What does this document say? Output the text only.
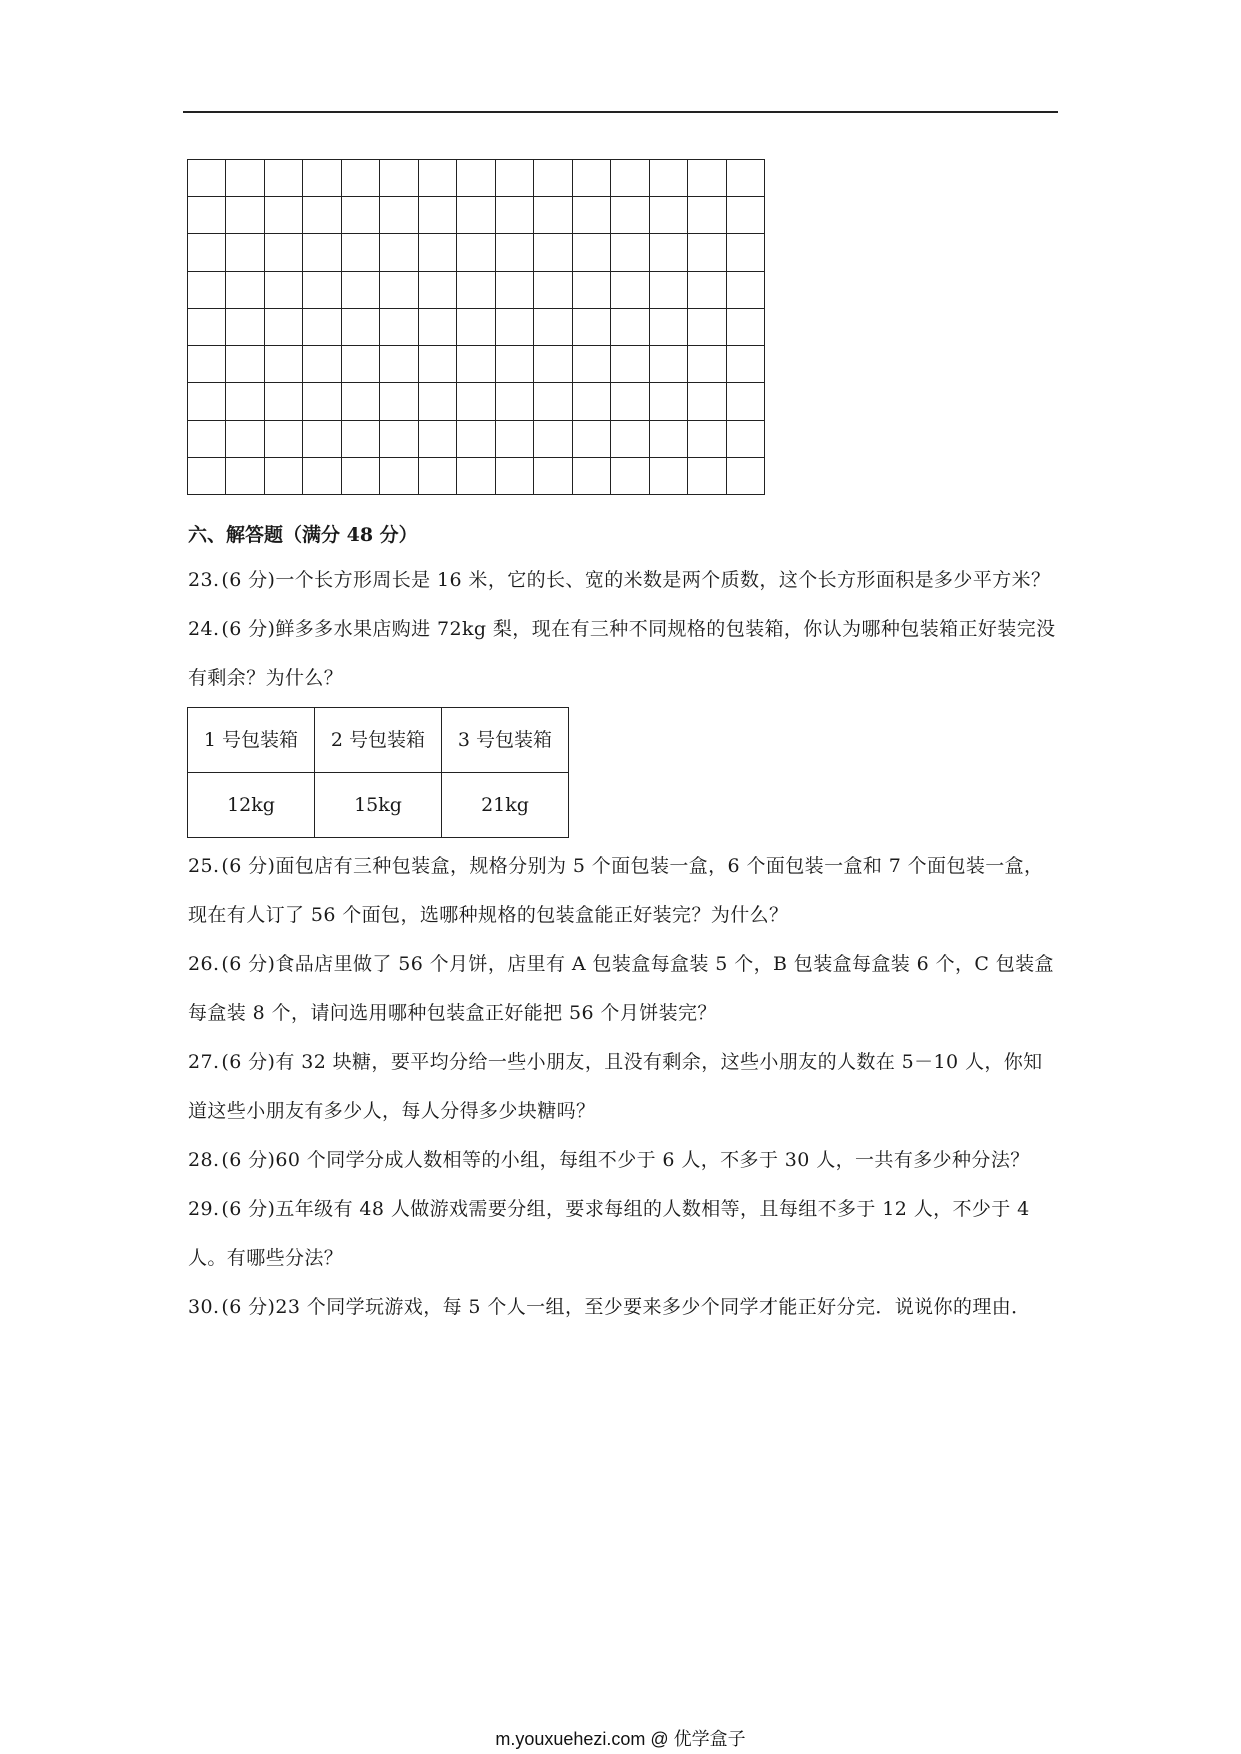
六、解答题（满分 48 分）

23. (6 分)一个长方形周长是 16 米，它的长、宽的米数是两个质数，这个长方形面积是多少平方米？

24. (6 分)鲜多多水果店购进 72kg 梨，现在有三种不同规格的包装箱，你认为哪种包装箱正好装完没有剩余？为什么？

1 号包装箱	2 号包装箱	3 号包装箱
12kg	15kg	21kg

25. (6 分)面包店有三种包装盒，规格分别为 5 个面包装一盒，6 个面包装一盒和 7 个面包装一盒，现在有人订了 56 个面包，选哪种规格的包装盒能正好装完？为什么？

26. (6 分)食品店里做了 56 个月饼，店里有 A 包装盒每盒装 5 个，B 包装盒每盒装 6 个，C 包装盒每盒装 8 个，请问选用哪种包装盒正好能把 56 个月饼装完？

27. (6 分)有 32 块糖，要平均分给一些小朋友，且没有剩余，这些小朋友的人数在 5－10 人，你知道这些小朋友有多少人，每人分得多少块糖吗？

28. (6 分)60 个同学分成人数相等的小组，每组不少于 6 人，不多于 30 人，一共有多少种分法？

29. (6 分)五年级有 48 人做游戏需要分组，要求每组的人数相等，且每组不多于 12 人，不少于 4 人。有哪些分法？

30. (6 分)23 个同学玩游戏，每 5 个人一组，至少要来多少个同学才能正好分完．说说你的理由．

m.youxuehezi.com @ 优学盒子
